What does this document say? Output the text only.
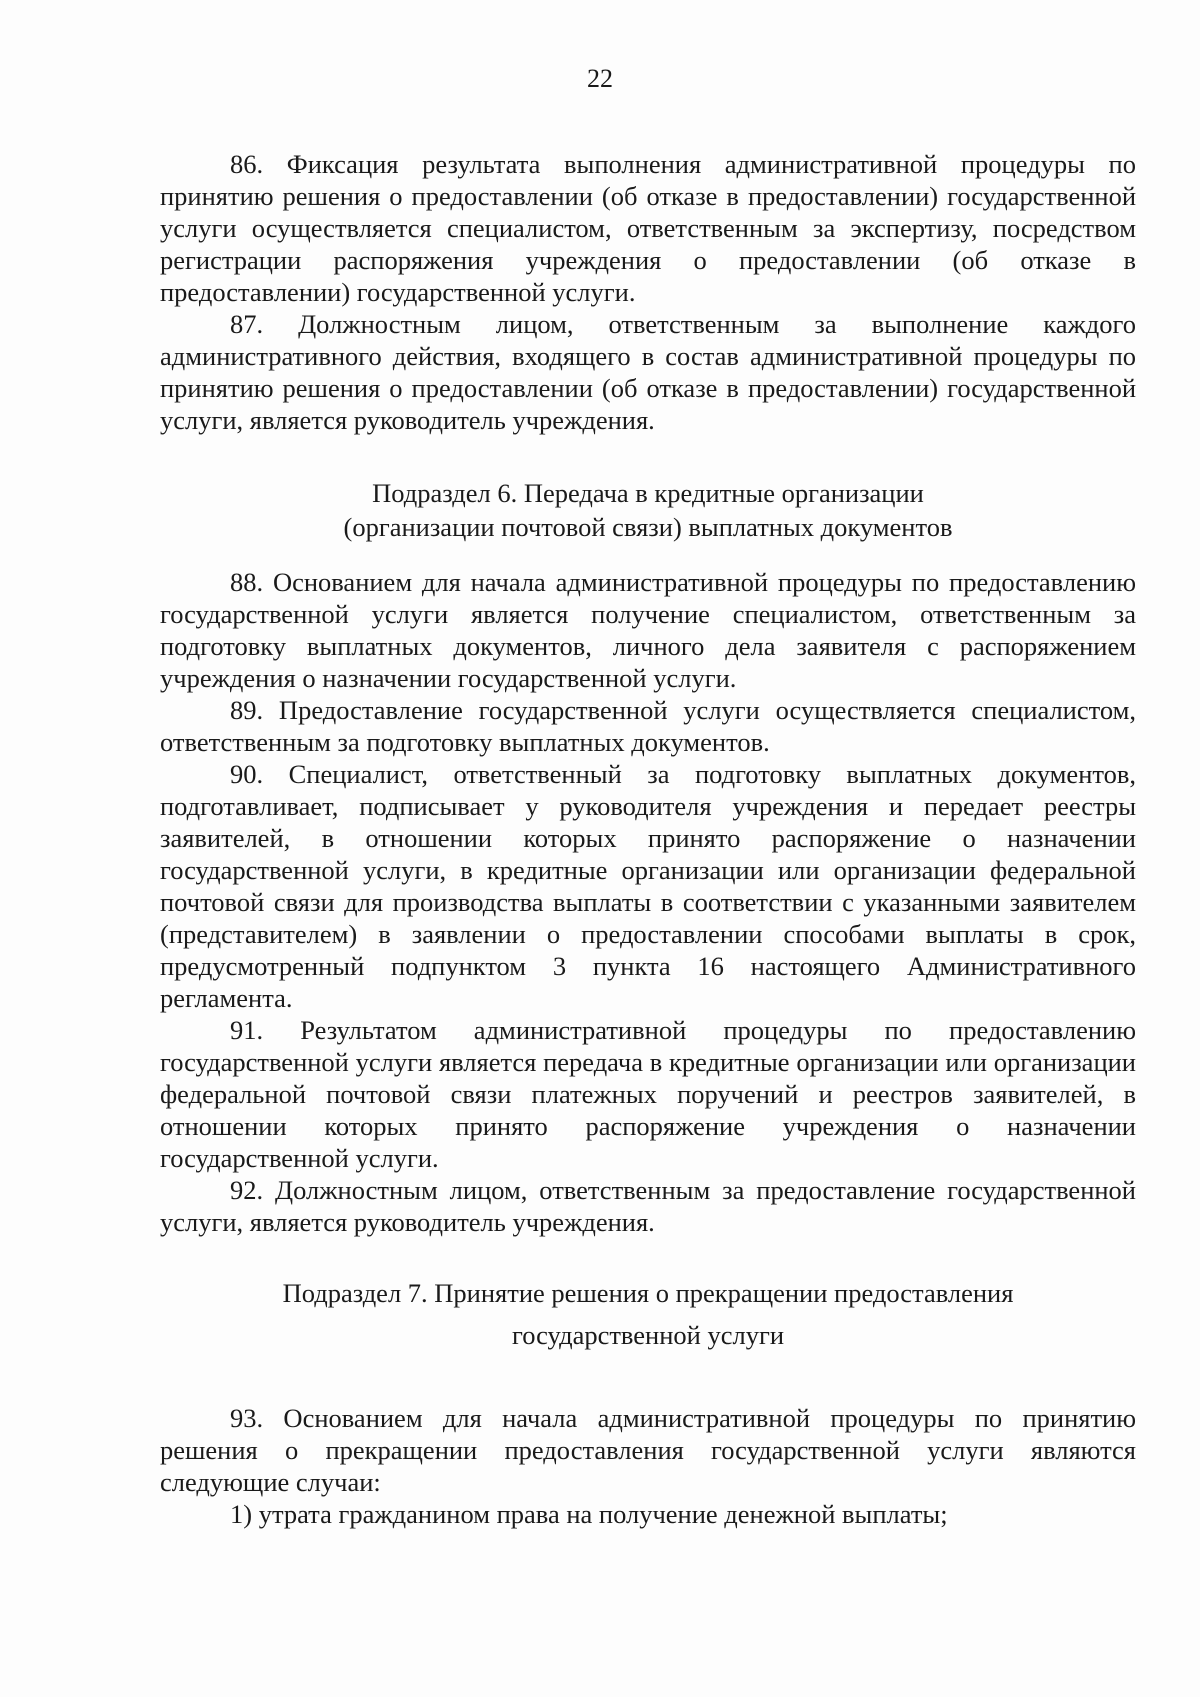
22

86. Фиксация результата выполнения административной процедуры по принятию решения о предоставлении (об отказе в предоставлении) государственной услуги осуществляется специалистом, ответственным за экспертизу, посредством регистрации распоряжения учреждения о предоставлении (об отказе в предоставлении) государственной услуги.

87. Должностным лицом, ответственным за выполнение каждого административного действия, входящего в состав административной процедуры по принятию решения о предоставлении (об отказе в предоставлении) государственной услуги, является руководитель учреждения.

Подраздел 6. Передача в кредитные организации
(организации почтовой связи) выплатных документов

88. Основанием для начала административной процедуры по предоставлению государственной услуги является получение специалистом, ответственным за подготовку выплатных документов, личного дела заявителя с распоряжением учреждения о назначении государственной услуги.

89. Предоставление государственной услуги осуществляется специалистом, ответственным за подготовку выплатных документов.

90. Специалист, ответственный за подготовку выплатных документов, подготавливает, подписывает у руководителя учреждения и передает реестры заявителей, в отношении которых принято распоряжение о назначении государственной услуги, в кредитные организации или организации федеральной почтовой связи для производства выплаты в соответствии с указанными заявителем (представителем) в заявлении о предоставлении способами выплаты в срок, предусмотренный подпунктом 3 пункта 16 настоящего Административного регламента.

91. Результатом административной процедуры по предоставлению государственной услуги является передача в кредитные организации или организации федеральной почтовой связи платежных поручений и реестров заявителей, в отношении которых принято распоряжение учреждения о назначении государственной услуги.

92. Должностным лицом, ответственным за предоставление государственной услуги, является руководитель учреждения.

Подраздел 7. Принятие решения о прекращении предоставления
государственной услуги

93. Основанием для начала административной процедуры по принятию решения о прекращении предоставления государственной услуги являются следующие случаи:

1) утрата гражданином права на получение денежной выплаты;
